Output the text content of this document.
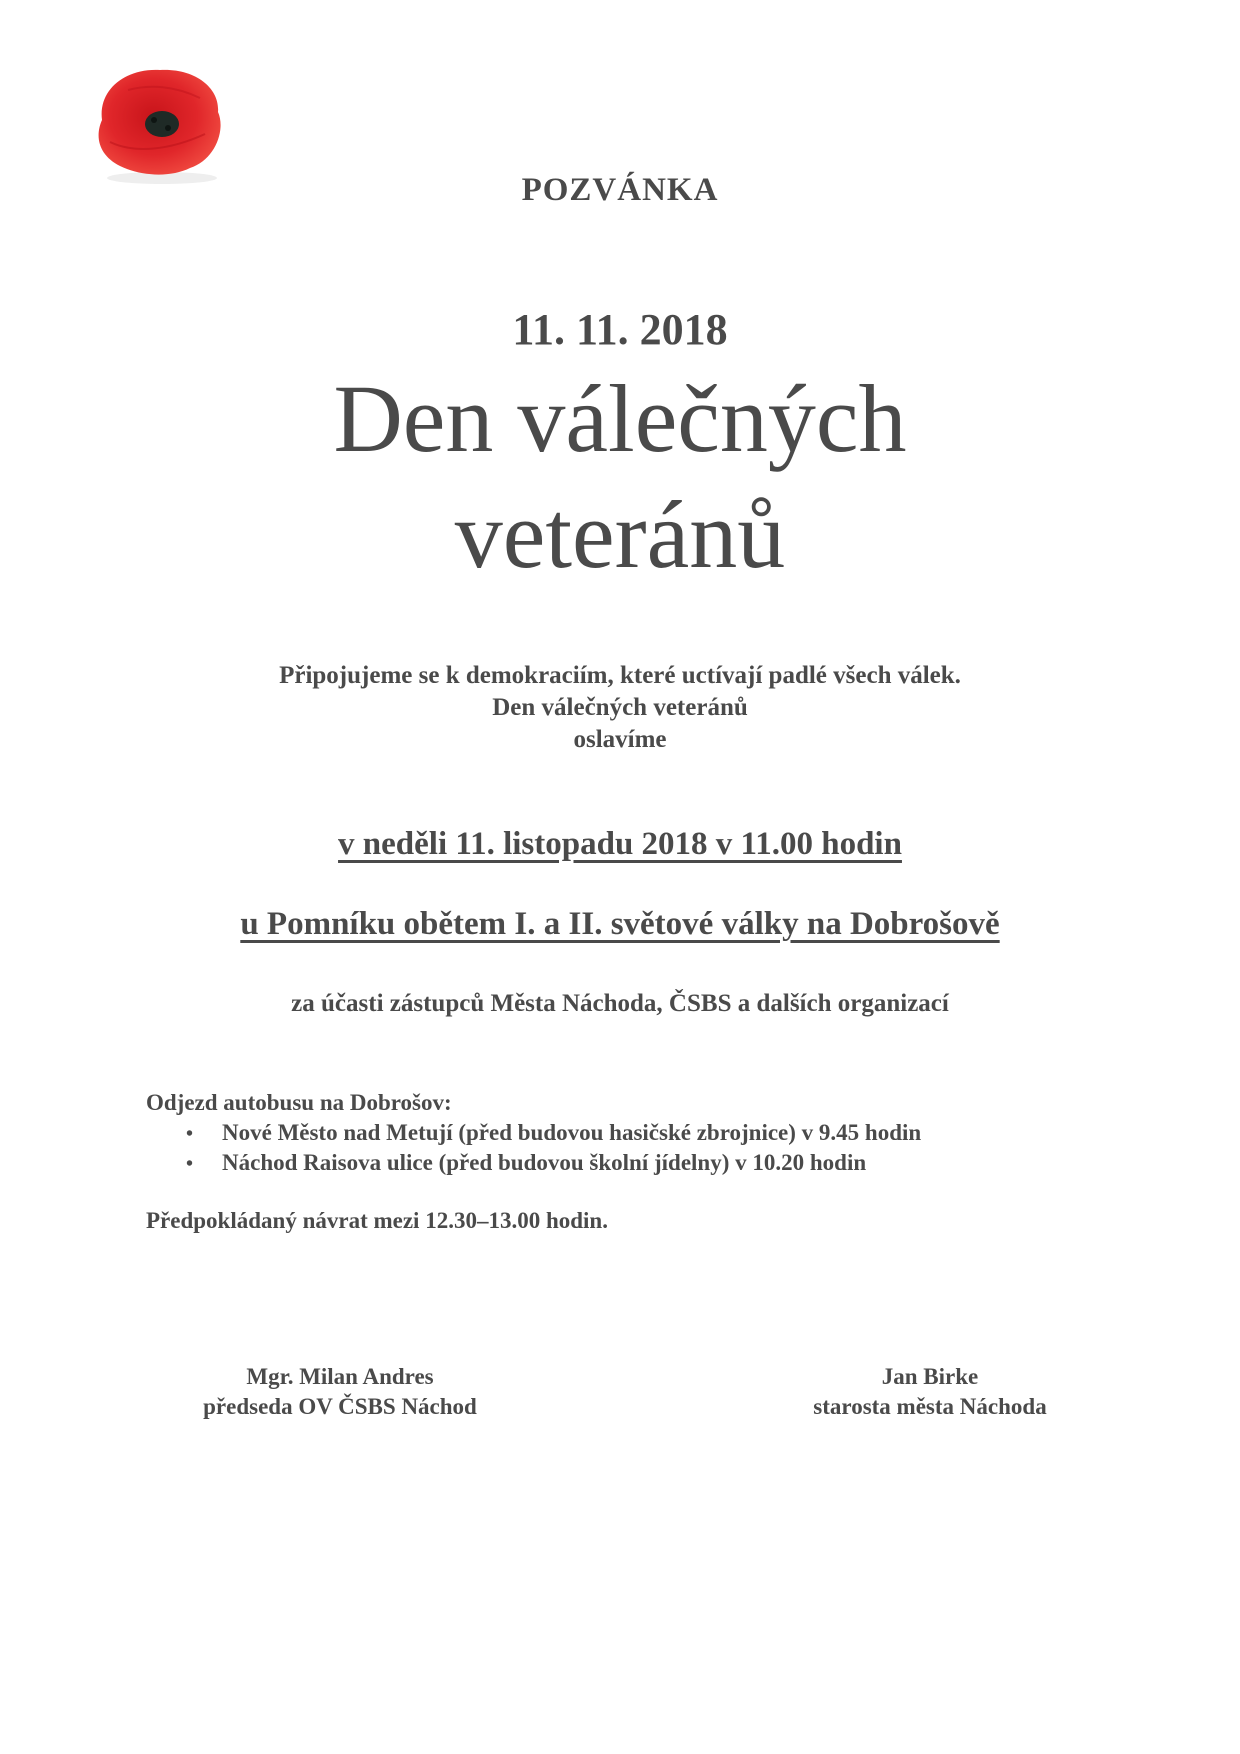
POZVÁNKA
11. 11. 2018
Den válečných
veteránů
Připojujeme se k demokraciím, které uctívají padlé všech válek.
Den válečných veteránů
oslavíme
v neděli 11. listopadu 2018 v 11.00 hodin
u Pomníku obětem I. a II. světové války na Dobrošově
za účasti zástupců Města Náchoda, ČSBS a dalších organizací
Odjezd autobusu na Dobrošov:
• Nové Město nad Metují (před budovou hasičské zbrojnice) v 9.45 hodin
• Náchod Raisova ulice (před budovou školní jídelny) v 10.20 hodin
Předpokládaný návrat mezi 12.30–13.00 hodin.
Mgr. Milan Andres
předseda OV ČSBS Náchod
Jan Birke
starosta města Náchoda
